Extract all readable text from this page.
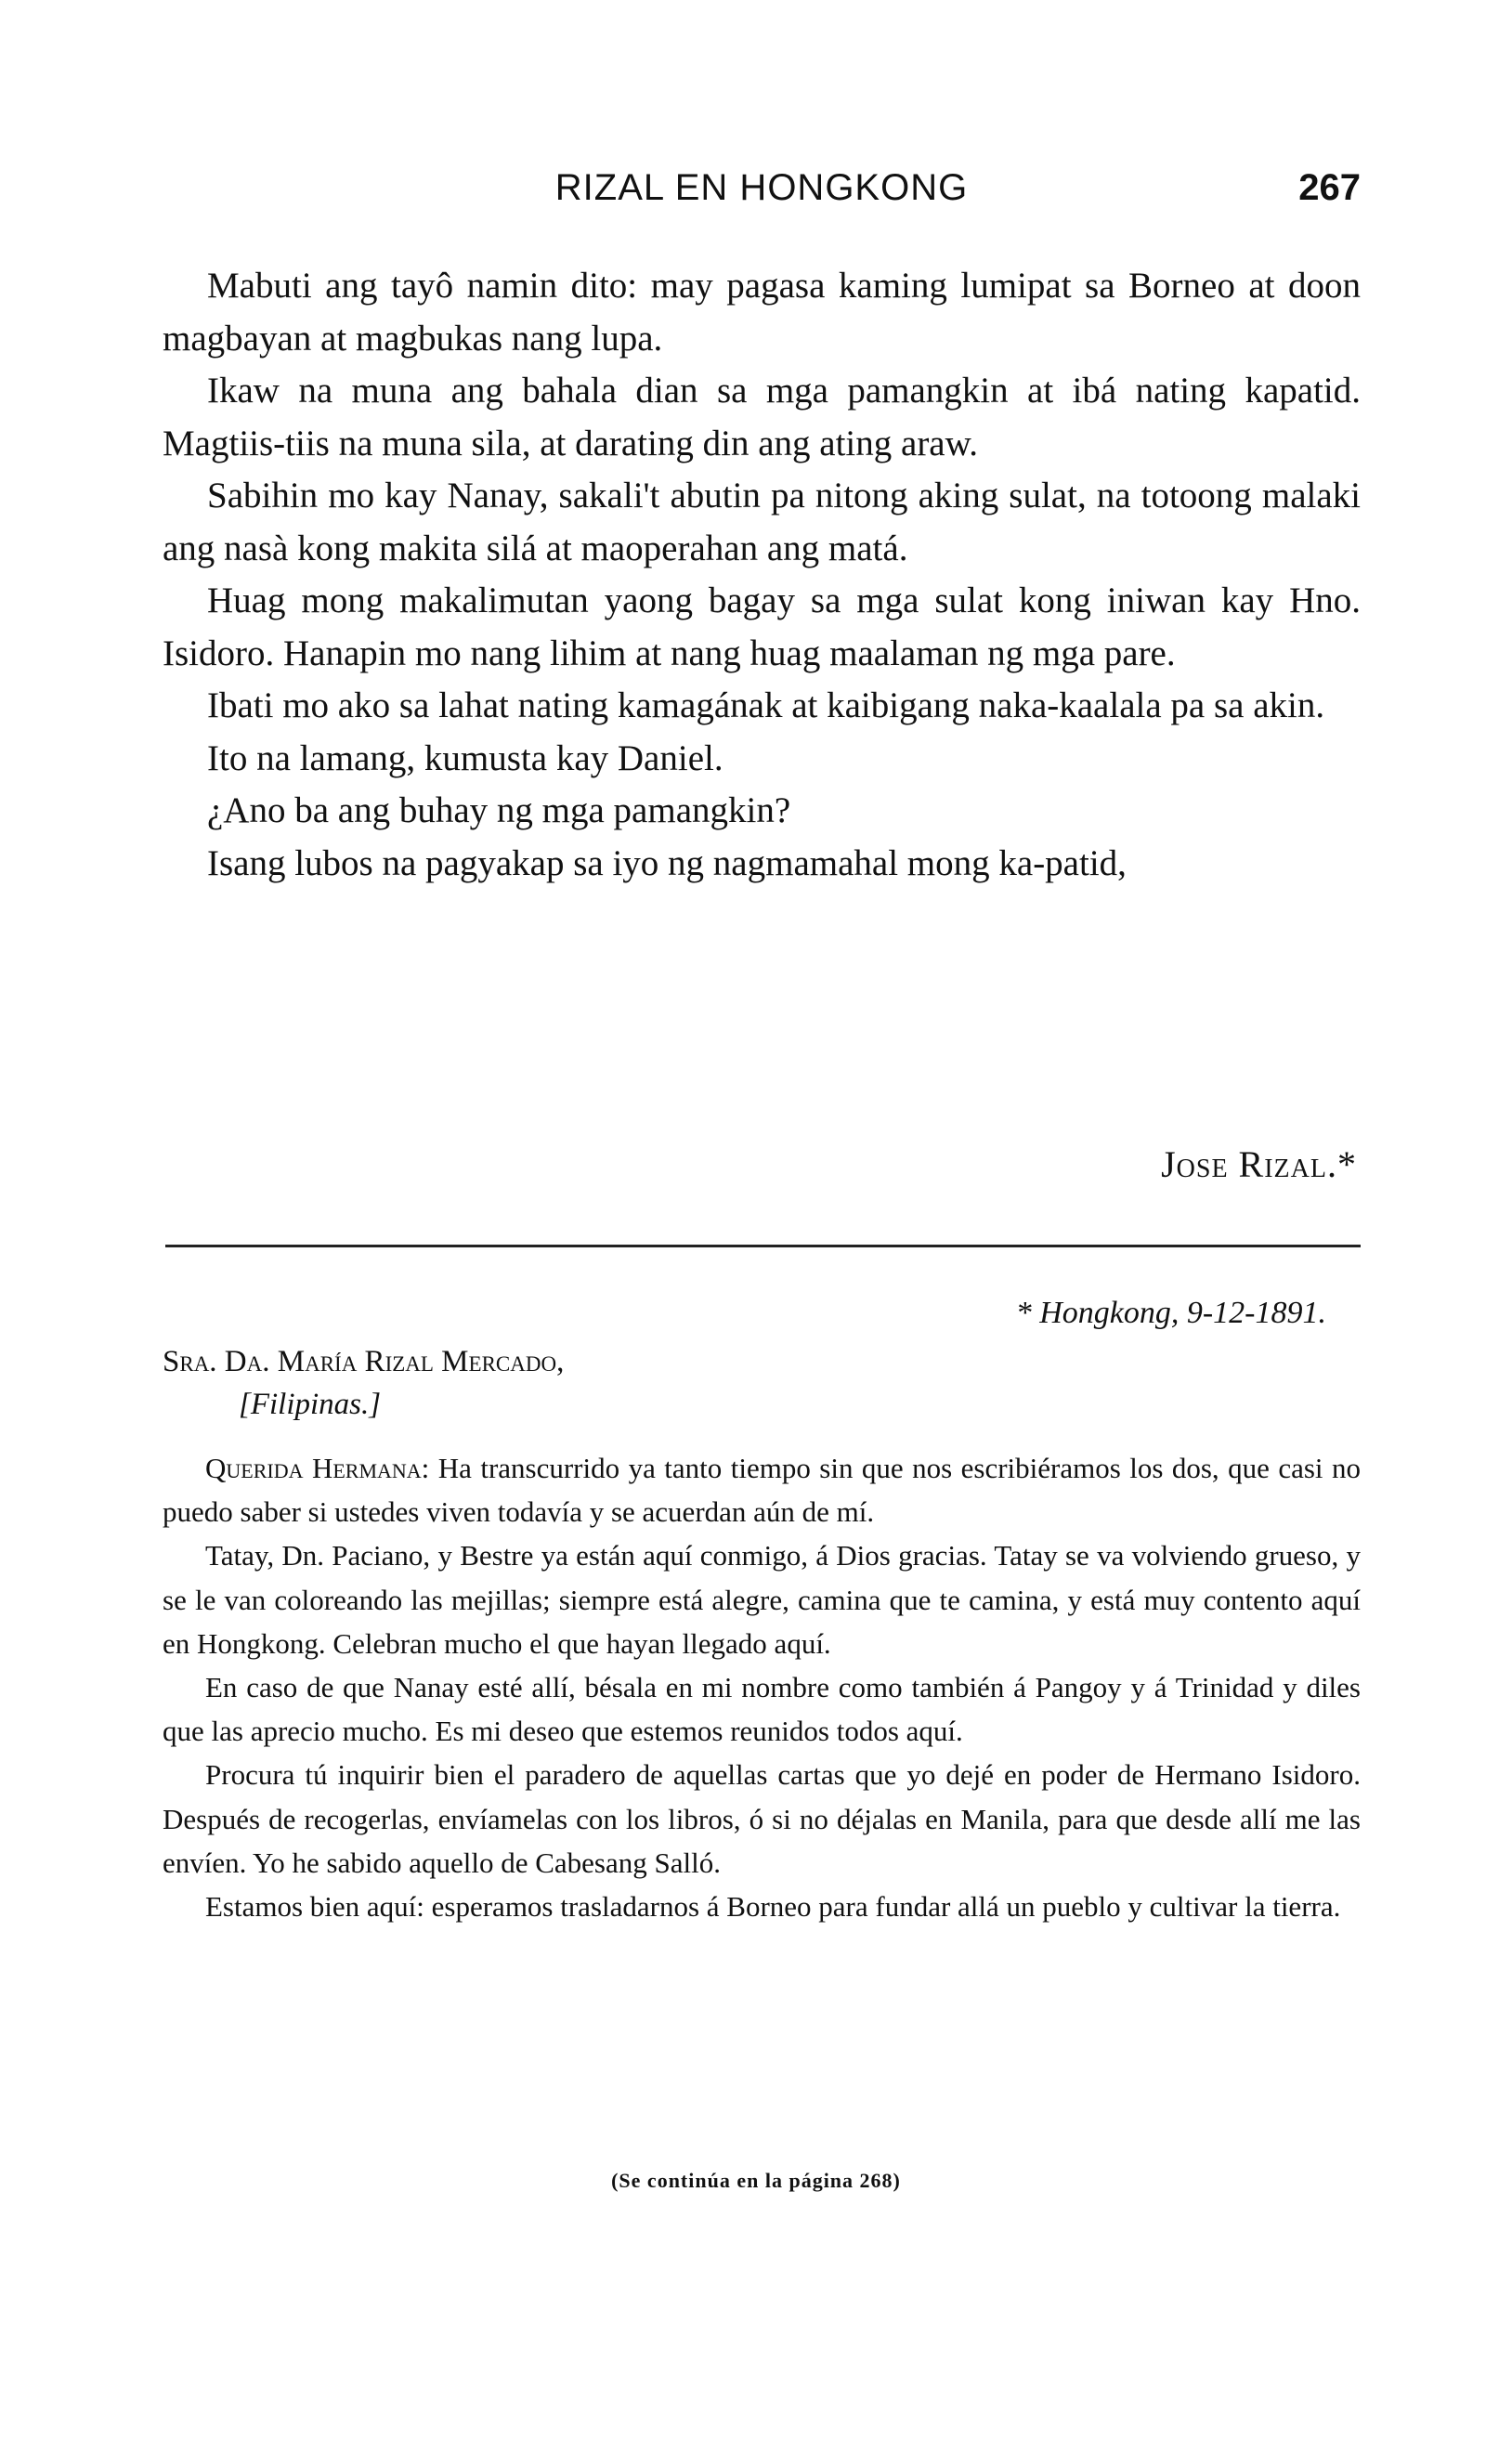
RIZAL EN HONGKONG	267

Mabuti ang tayô namin dito: may pagasa kaming lumipat sa Borneo at doon magbayan at magbukas nang lupa.

Ikaw na muna ang bahala dian sa mga pamangkin at ibá nating kapatid. Magtiis-tiis na muna sila, at darating din ang ating araw.

Sabihin mo kay Nanay, sakali't abutin pa nitong aking sulat, na totoong malaki ang nasà kong makita silá at maoperahan ang matá.

Huag mong makalimutan yaong bagay sa mga sulat kong iniwan kay Hno. Isidoro. Hanapin mo nang lihim at nang huag maalaman ng mga pare.

Ibati mo ako sa lahat nating kamagának at kaibigang naka-kaalala pa sa akin.

Ito na lamang, kumusta kay Daniel.

¿Ano ba ang buhay ng mga pamangkin?

Isang lubos na pagyakap sa iyo ng nagmamahal mong ka-patid,

Jose Rizal.*
* Hongkong, 9-12-1891.
Sra. Da. María Rizal Mercado,
[Filipinas.]

Querida Hermana: Ha transcurrido ya tanto tiempo sin que nos escribiéramos los dos, que casi no puedo saber si ustedes viven todavía y se acuerdan aún de mí.

Tatay, Dn. Paciano, y Bestre ya están aquí conmigo, á Dios gracias. Tatay se va volviendo grueso, y se le van coloreando las mejillas; siempre está alegre, camina que te camina, y está muy contento aquí en Hongkong. Celebran mucho el que hayan llegado aquí.

En caso de que Nanay esté allí, bésala en mi nombre como también á Pangoy y á Trinidad y diles que las aprecio mucho. Es mi deseo que estemos reunidos todos aquí.

Procura tú inquirir bien el paradero de aquellas cartas que yo dejé en poder de Hermano Isidoro. Después de recogerlas, envíamelas con los libros, ó si no déjalas en Manila, para que desde allí me las envíen. Yo he sabido aquello de Cabesang Salló.

Estamos bien aquí: esperamos trasladarnos á Borneo para fundar allá un pueblo y cultivar la tierra.

(Se continúa en la página 268)
